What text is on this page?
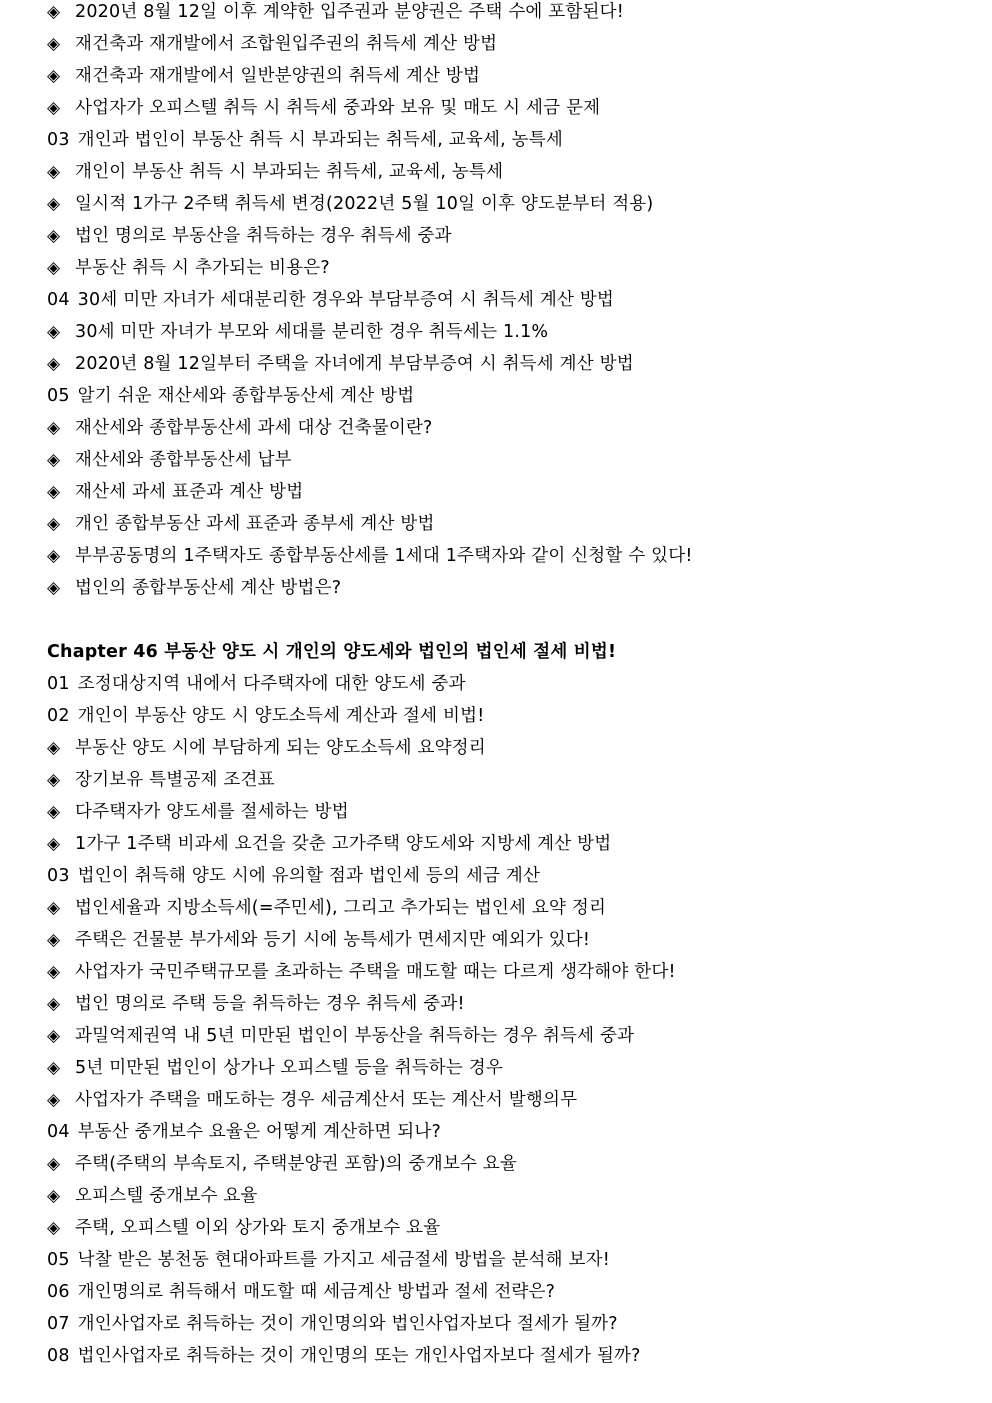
◈ 2020년 8월 12일 이후 계약한 입주권과 분양권은 주택 수에 포함된다!
◈ 재건축과 재개발에서 조합원입주권의 취득세 계산 방법
◈ 재건축과 재개발에서 일반분양권의 취득세 계산 방법
◈ 사업자가 오피스텔 취득 시 취득세 중과와 보유 및 매도 시 세금 문제
03 개인과 법인이 부동산 취득 시 부과되는 취득세, 교육세, 농특세
◈ 개인이 부동산 취득 시 부과되는 취득세, 교육세, 농특세
◈ 일시적 1가구 2주택 취득세 변경(2022년 5월 10일 이후 양도분부터 적용)
◈ 법인 명의로 부동산을 취득하는 경우 취득세 중과
◈ 부동산 취득 시 추가되는 비용은?
04 30세 미만 자녀가 세대분리한 경우와 부담부증여 시 취득세 계산 방법
◈ 30세 미만 자녀가 부모와 세대를 분리한 경우 취득세는 1.1%
◈ 2020년 8월 12일부터 주택을 자녀에게 부담부증여 시 취득세 계산 방법
05 알기 쉬운 재산세와 종합부동산세 계산 방법
◈ 재산세와 종합부동산세 과세 대상 건축물이란?
◈ 재산세와 종합부동산세 납부
◈ 재산세 과세 표준과 계산 방법
◈ 개인 종합부동산 과세 표준과 종부세 계산 방법
◈ 부부공동명의 1주택자도 종합부동산세를 1세대 1주택자와 같이 신청할 수 있다!
◈ 법인의 종합부동산세 계산 방법은?
Chapter 46 부동산 양도 시 개인의 양도세와 법인의 법인세 절세 비법!
01 조정대상지역 내에서 다주택자에 대한 양도세 중과
02 개인이 부동산 양도 시 양도소득세 계산과 절세 비법!
◈ 부동산 양도 시에 부담하게 되는 양도소득세 요약정리
◈ 장기보유 특별공제 조견표
◈ 다주택자가 양도세를 절세하는 방법
◈ 1가구 1주택 비과세 요건을 갖춘 고가주택 양도세와 지방세 계산 방법
03 법인이 취득해 양도 시에 유의할 점과 법인세 등의 세금 계산
◈ 법인세율과 지방소득세(=주민세), 그리고 추가되는 법인세 요약 정리
◈ 주택은 건물분 부가세와 등기 시에 농특세가 면세지만 예외가 있다!
◈ 사업자가 국민주택규모를 초과하는 주택을 매도할 때는 다르게 생각해야 한다!
◈ 법인 명의로 주택 등을 취득하는 경우 취득세 중과!
◈ 과밀억제권역 내 5년 미만된 법인이 부동산을 취득하는 경우 취득세 중과
◈ 5년 미만된 법인이 상가나 오피스텔 등을 취득하는 경우
◈ 사업자가 주택을 매도하는 경우 세금계산서 또는 계산서 발행의무
04 부동산 중개보수 요율은 어떻게 계산하면 되나?
◈ 주택(주택의 부속토지, 주택분양권 포함)의 중개보수 요율
◈ 오피스텔 중개보수 요율
◈ 주택, 오피스텔 이외 상가와 토지 중개보수 요율
05 낙찰 받은 봉천동 현대아파트를 가지고 세금절세 방법을 분석해 보자!
06 개인명의로 취득해서 매도할 때 세금계산 방법과 절세 전략은?
07 개인사업자로 취득하는 것이 개인명의와 법인사업자보다 절세가 될까?
08 법인사업자로 취득하는 것이 개인명의 또는 개인사업자보다 절세가 될까?
